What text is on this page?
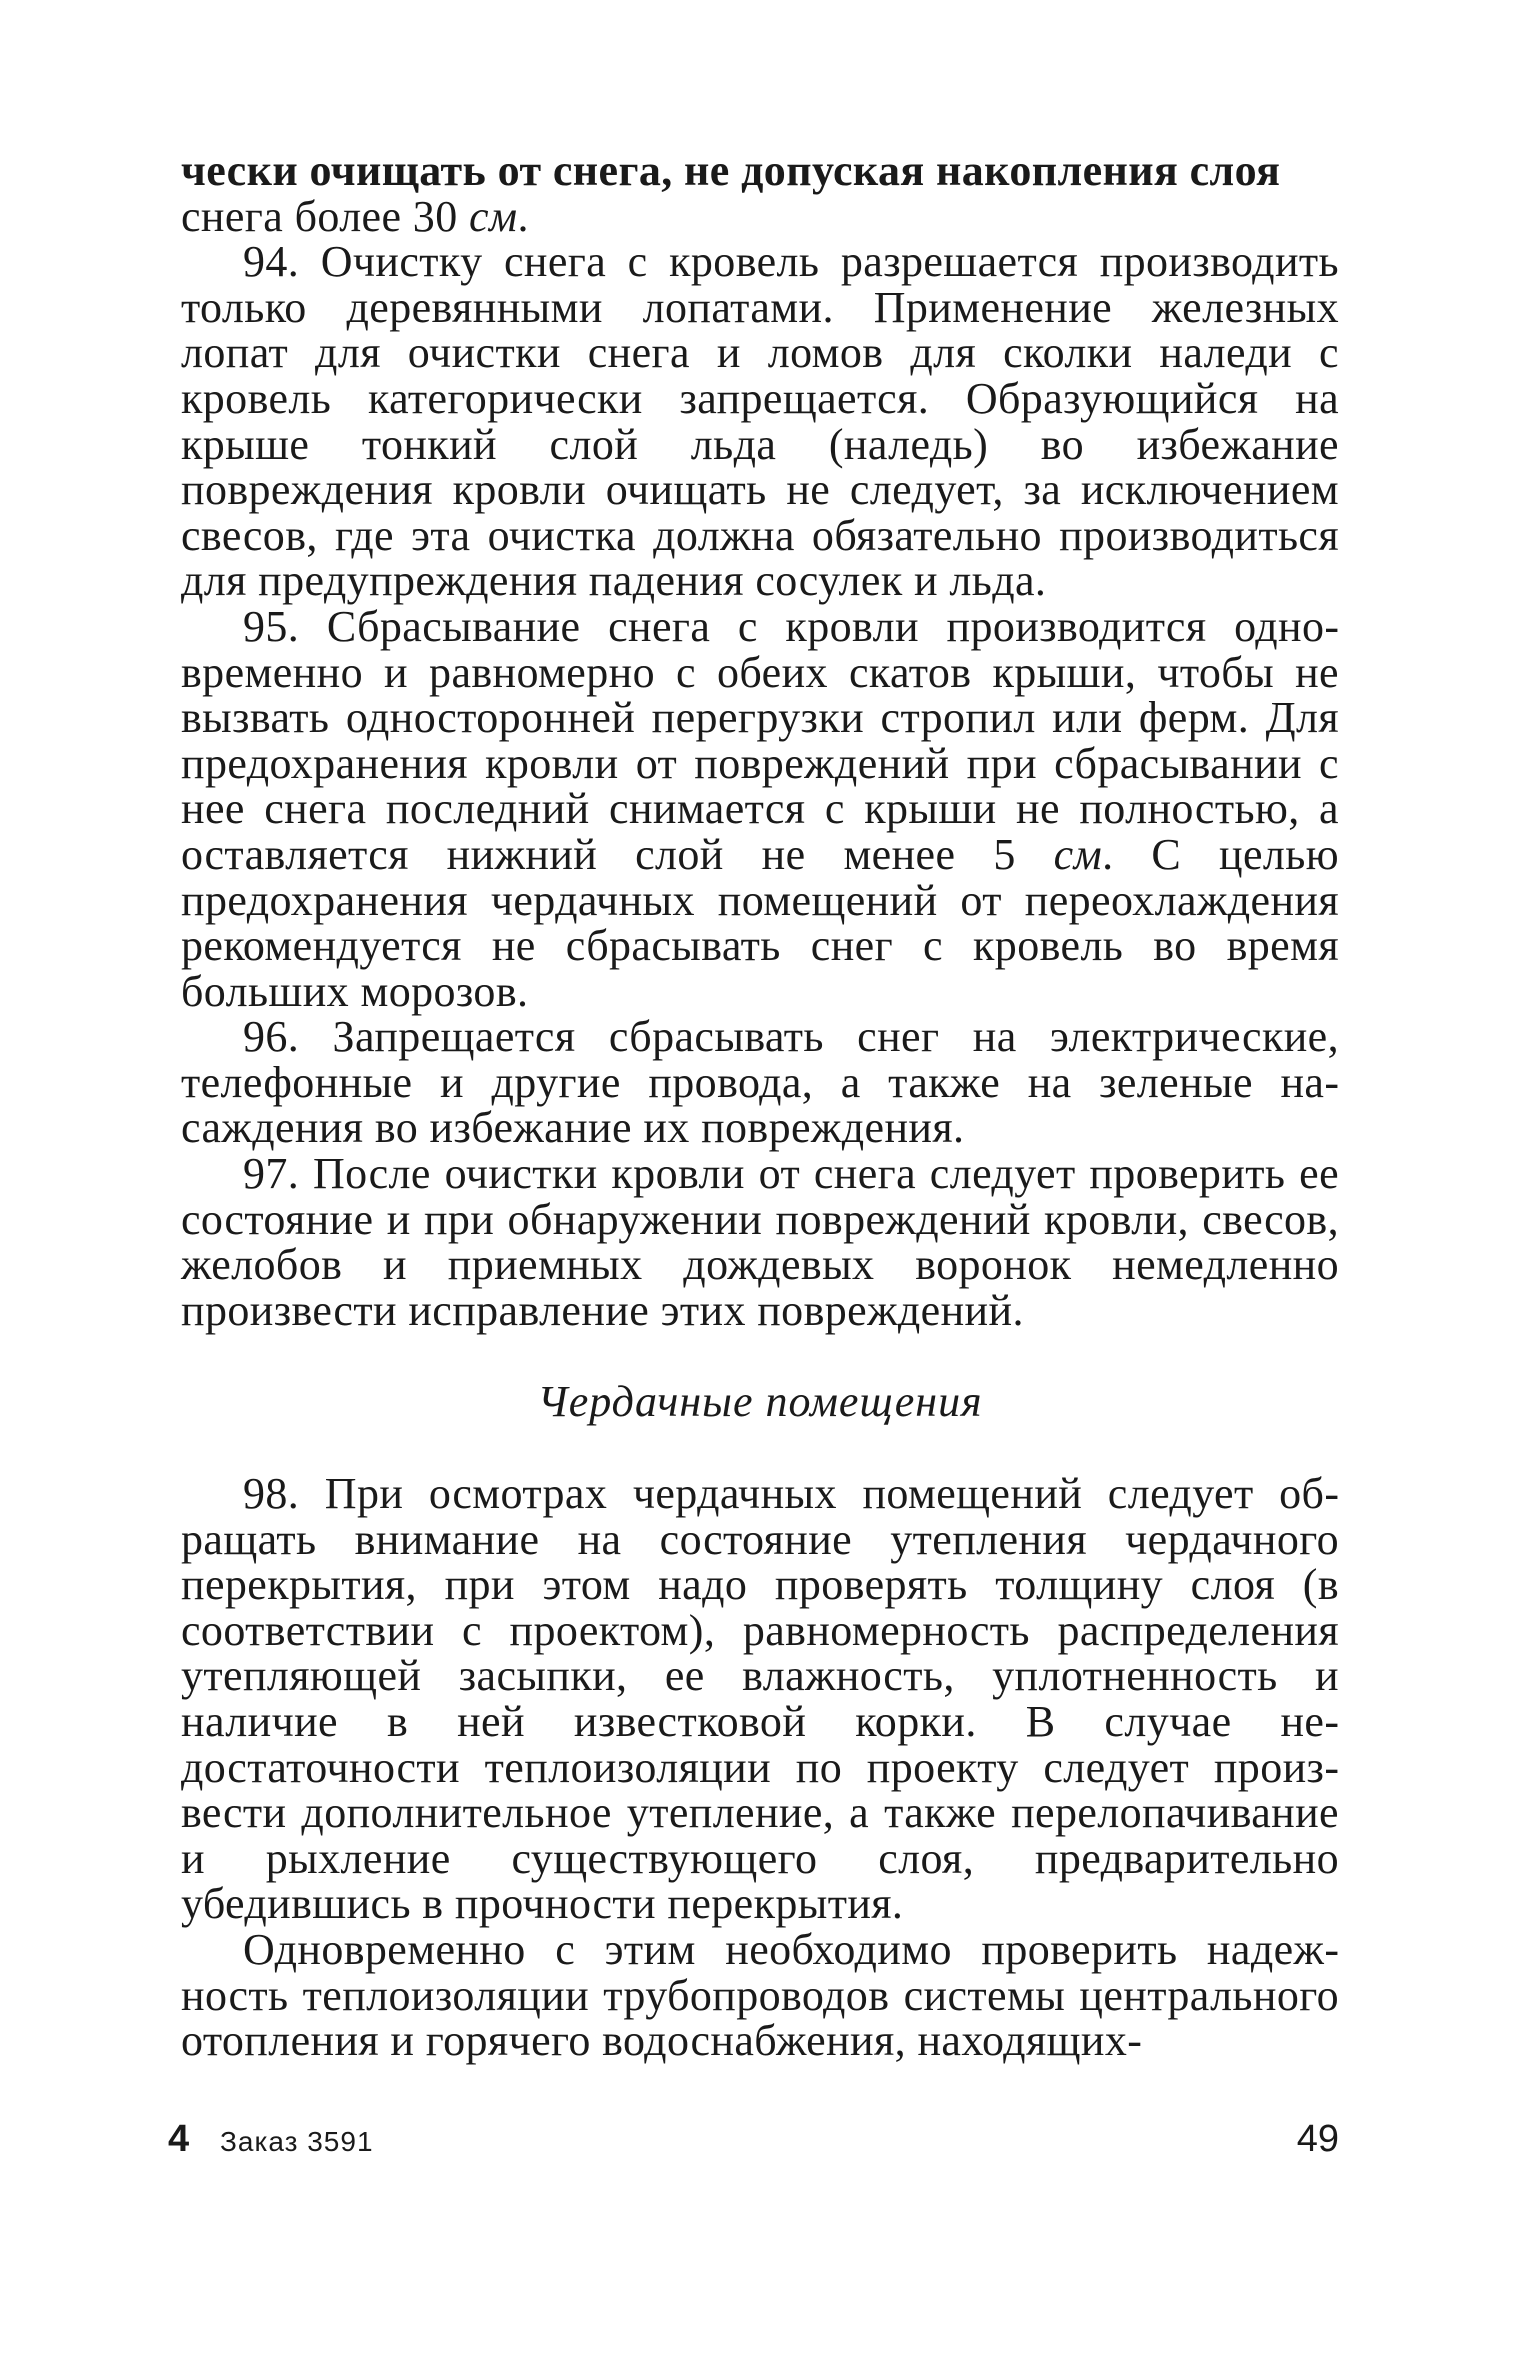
чески очищать от снега, не допуская накопления слоя

снега более 30 см.

94. Очистку снега с кровель разрешается производить только деревянными лопатами. Применение железных лопат для очистки снега и ломов для сколки наледи с кровель категорически запрещается. Образующийся на крыше тонкий слой льда (наледь) во избежание повреждения кровли очищать не следует, за исключением свесов, где эта очистка должна обязательно производиться для предупреждения падения сосулек и льда.

95. Сбрасывание снега с кровли производится одновременно и равномерно с обеих скатов крыши, чтобы не вызвать односторонней перегрузки стропил или ферм. Для предохранения кровли от повреждений при сбрасывании с нее снега последний снимается с крыши не полностью, а оставляется нижний слой не менее 5 см. С целью предохранения чердачных помещений от переохлаждения рекомендуется не сбрасывать снег с кровель во время больших морозов.

96. Запрещается сбрасывать снег на электрические, телефонные и другие провода, а также на зеленые насаждения во избежание их повреждения.

97. После очистки кровли от снега следует проверить ее состояние и при обнаружении повреждений кровли, свесов, желобов и приемных дождевых воронок немедленно произвести исправление этих повреждений.

Чердачные помещения

98. При осмотрах чердачных помещений следует обращать внимание на состояние утепления чердачного перекрытия, при этом надо проверять толщину слоя (в соответствии с проектом), равномерность распределения утепляющей засыпки, ее влажность, уплотненность и наличие в ней известковой корки. В случае недостаточности теплоизоляции по проекту следует произвести дополнительное утепление, а также перелопачивание и рыхление существующего слоя, предварительно убедившись в прочности перекрытия.

Одновременно с этим необходимо проверить надежность теплоизоляции трубопроводов системы центрального отопления и горячего водоснабжения, находящих-

4 Заказ 3591	49
